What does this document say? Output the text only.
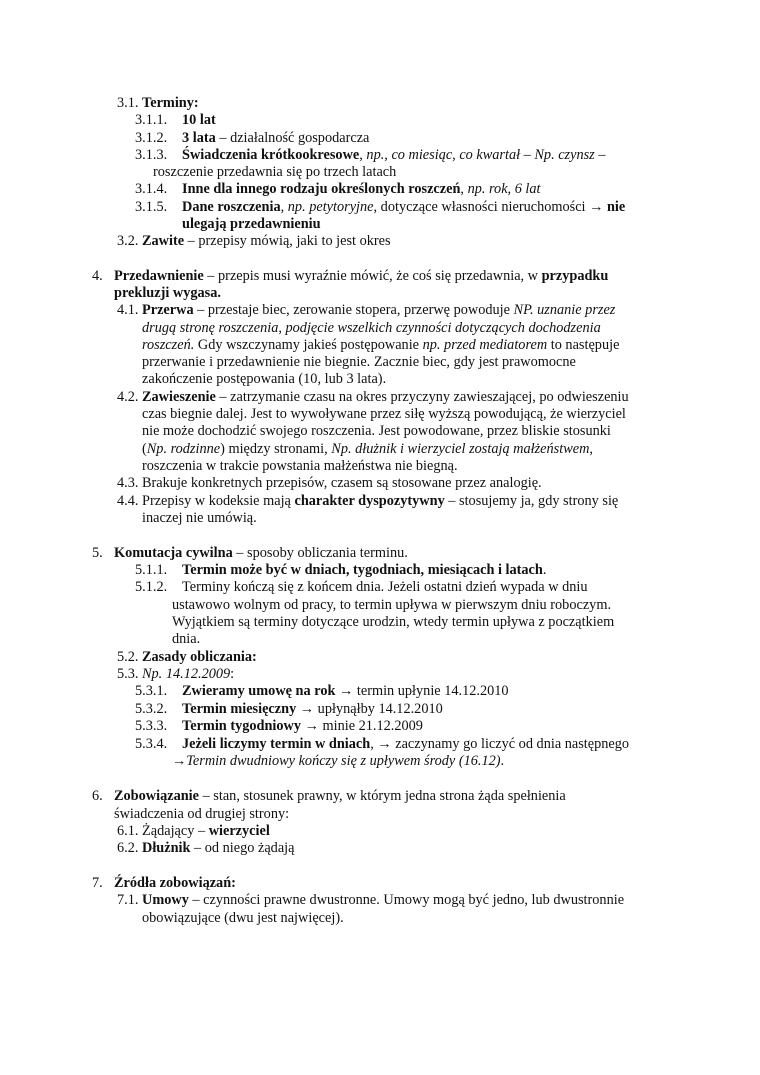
3.1. Terminy:
3.1.1. 10 lat
3.1.2. 3 lata – działalność gospodarcza
3.1.3. Świadczenia krótkookresowe, np., co miesiąc, co kwartał – Np. czynsz –
roszczenie przedawnia się po trzech latach
3.1.4. Inne dla innego rodzaju określonych roszczeń, np. rok, 6 lat
3.1.5. Dane roszczenia, np. petytoryjne, dotyczące własności nieruchomości → nie
ulegają przedawnieniu
3.2. Zawite – przepisy mówią, jaki to jest okres
4. Przedawnienie – przepis musi wyraźnie mówić, że coś się przedawnia, w przypadku
prekluzji wygasa.
4.1. Przerwa – przestaje biec, zerowanie stopera, przerwę powoduje NP. uznanie przez
drugą stronę roszczenia, podjęcie wszelkich czynności dotyczących dochodzenia
roszczeń. Gdy wszczynamy jakieś postępowanie np. przed mediatorem to następuje
przerwanie i przedawnienie nie biegnie. Zacznie biec, gdy jest prawomocne
zakończenie postępowania (10, lub 3 lata).
4.2. Zawieszenie – zatrzymanie czasu na okres przyczyny zawieszającej, po odwieszeniu
czas biegnie dalej. Jest to wywoływane przez siłę wyższą powodującą, że wierzyciel
nie może dochodzić swojego roszczenia. Jest powodowane, przez bliskie stosunki
(Np. rodzinne) między stronami, Np. dłużnik i wierzyciel zostają małżeństwem,
roszczenia w trakcie powstania małżeństwa nie biegną.
4.3. Brakuje konkretnych przepisów, czasem są stosowane przez analogię.
4.4. Przepisy w kodeksie mają charakter dyspozytywny – stosujemy ja, gdy strony się
inaczej nie umówią.
5. Komutacja cywilna – sposoby obliczania terminu.
5.1.1. Termin może być w dniach, tygodniach, miesiącach i latach.
5.1.2. Terminy kończą się z końcem dnia. Jeżeli ostatni dzień wypada w dniu
ustawowo wolnym od pracy, to termin upływa w pierwszym dniu roboczym.
Wyjątkiem są terminy dotyczące urodzin, wtedy termin upływa z początkiem
dnia.
5.2. Zasady obliczania:
5.3. Np. 14.12.2009:
5.3.1. Zwieramy umowę na rok → termin upłynie 14.12.2010
5.3.2. Termin miesięczny → upłynąłby 14.12.2010
5.3.3. Termin tygodniowy → minie 21.12.2009
5.3.4. Jeżeli liczymy termin w dniach, → zaczynamy go liczyć od dnia następnego
→Termin dwudniowy kończy się z upływem środy (16.12).
6. Zobowiązanie – stan, stosunek prawny, w którym jedna strona żąda spełnienia
świadczenia od drugiej strony:
6.1. Żądający – wierzyciel
6.2. Dłużnik – od niego żądają
7. Źródła zobowiązań:
7.1. Umowy – czynności prawne dwustronne. Umowy mogą być jedno, lub dwustronnie
obowiązujące (dwu jest najwięcej).
